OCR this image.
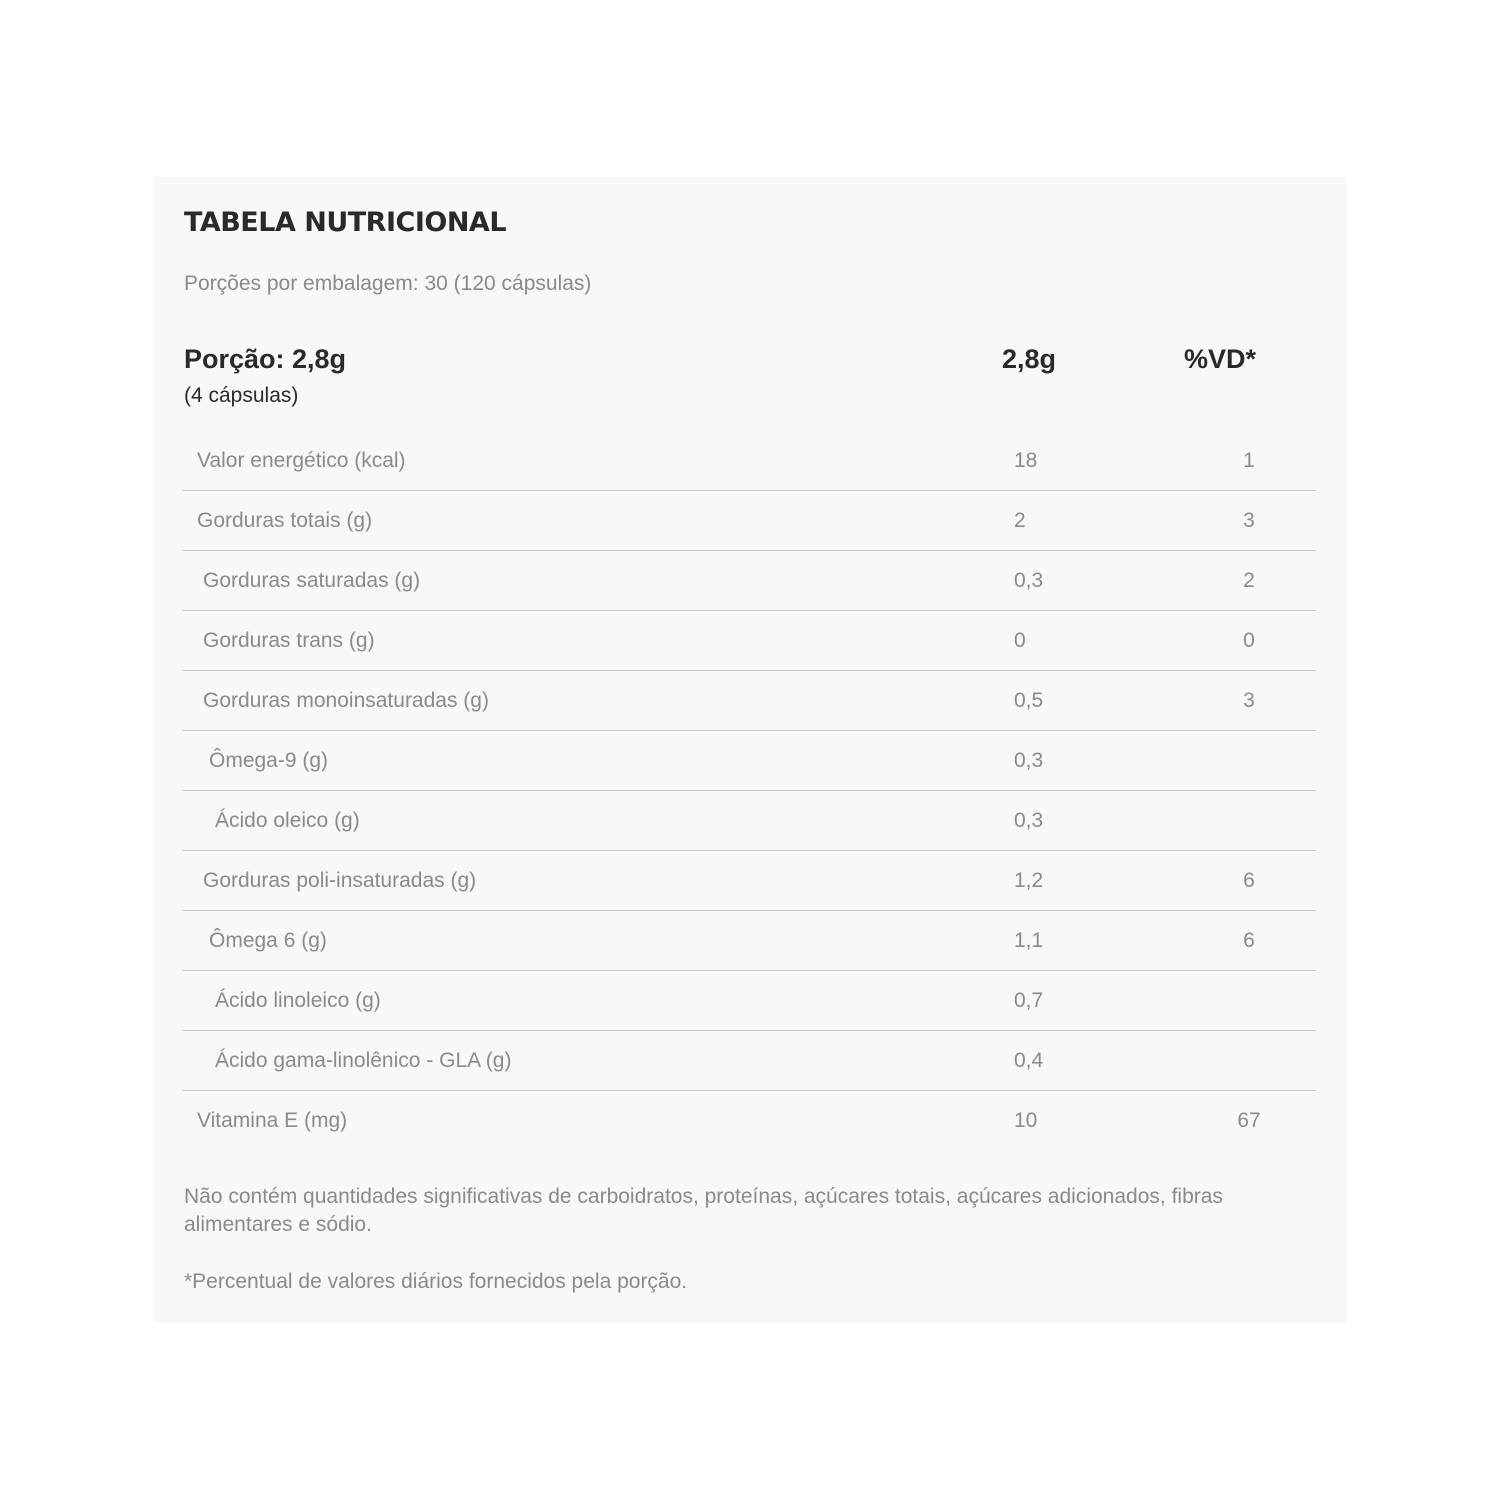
TABELA NUTRICIONAL
Porções por embalagem: 30 (120 cápsulas)
Porção: 2,8g
(4 cápsulas)
2,8g	%VD*
Valor energético (kcal)	18	1
Gorduras totais (g)	2	3
Gorduras saturadas (g)	0,3	2
Gorduras trans (g)	0	0
Gorduras monoinsaturadas (g)	0,5	3
Ômega-9 (g)	0,3
Ácido oleico (g)	0,3
Gorduras poli-insaturadas (g)	1,2	6
Ômega 6 (g)	1,1	6
Ácido linoleico (g)	0,7
Ácido gama-linolênico - GLA (g)	0,4
Vitamina E (mg)	10	67
Não contém quantidades significativas de carboidratos, proteínas, açúcares totais, açúcares adicionados, fibras alimentares e sódio.
*Percentual de valores diários fornecidos pela porção.
